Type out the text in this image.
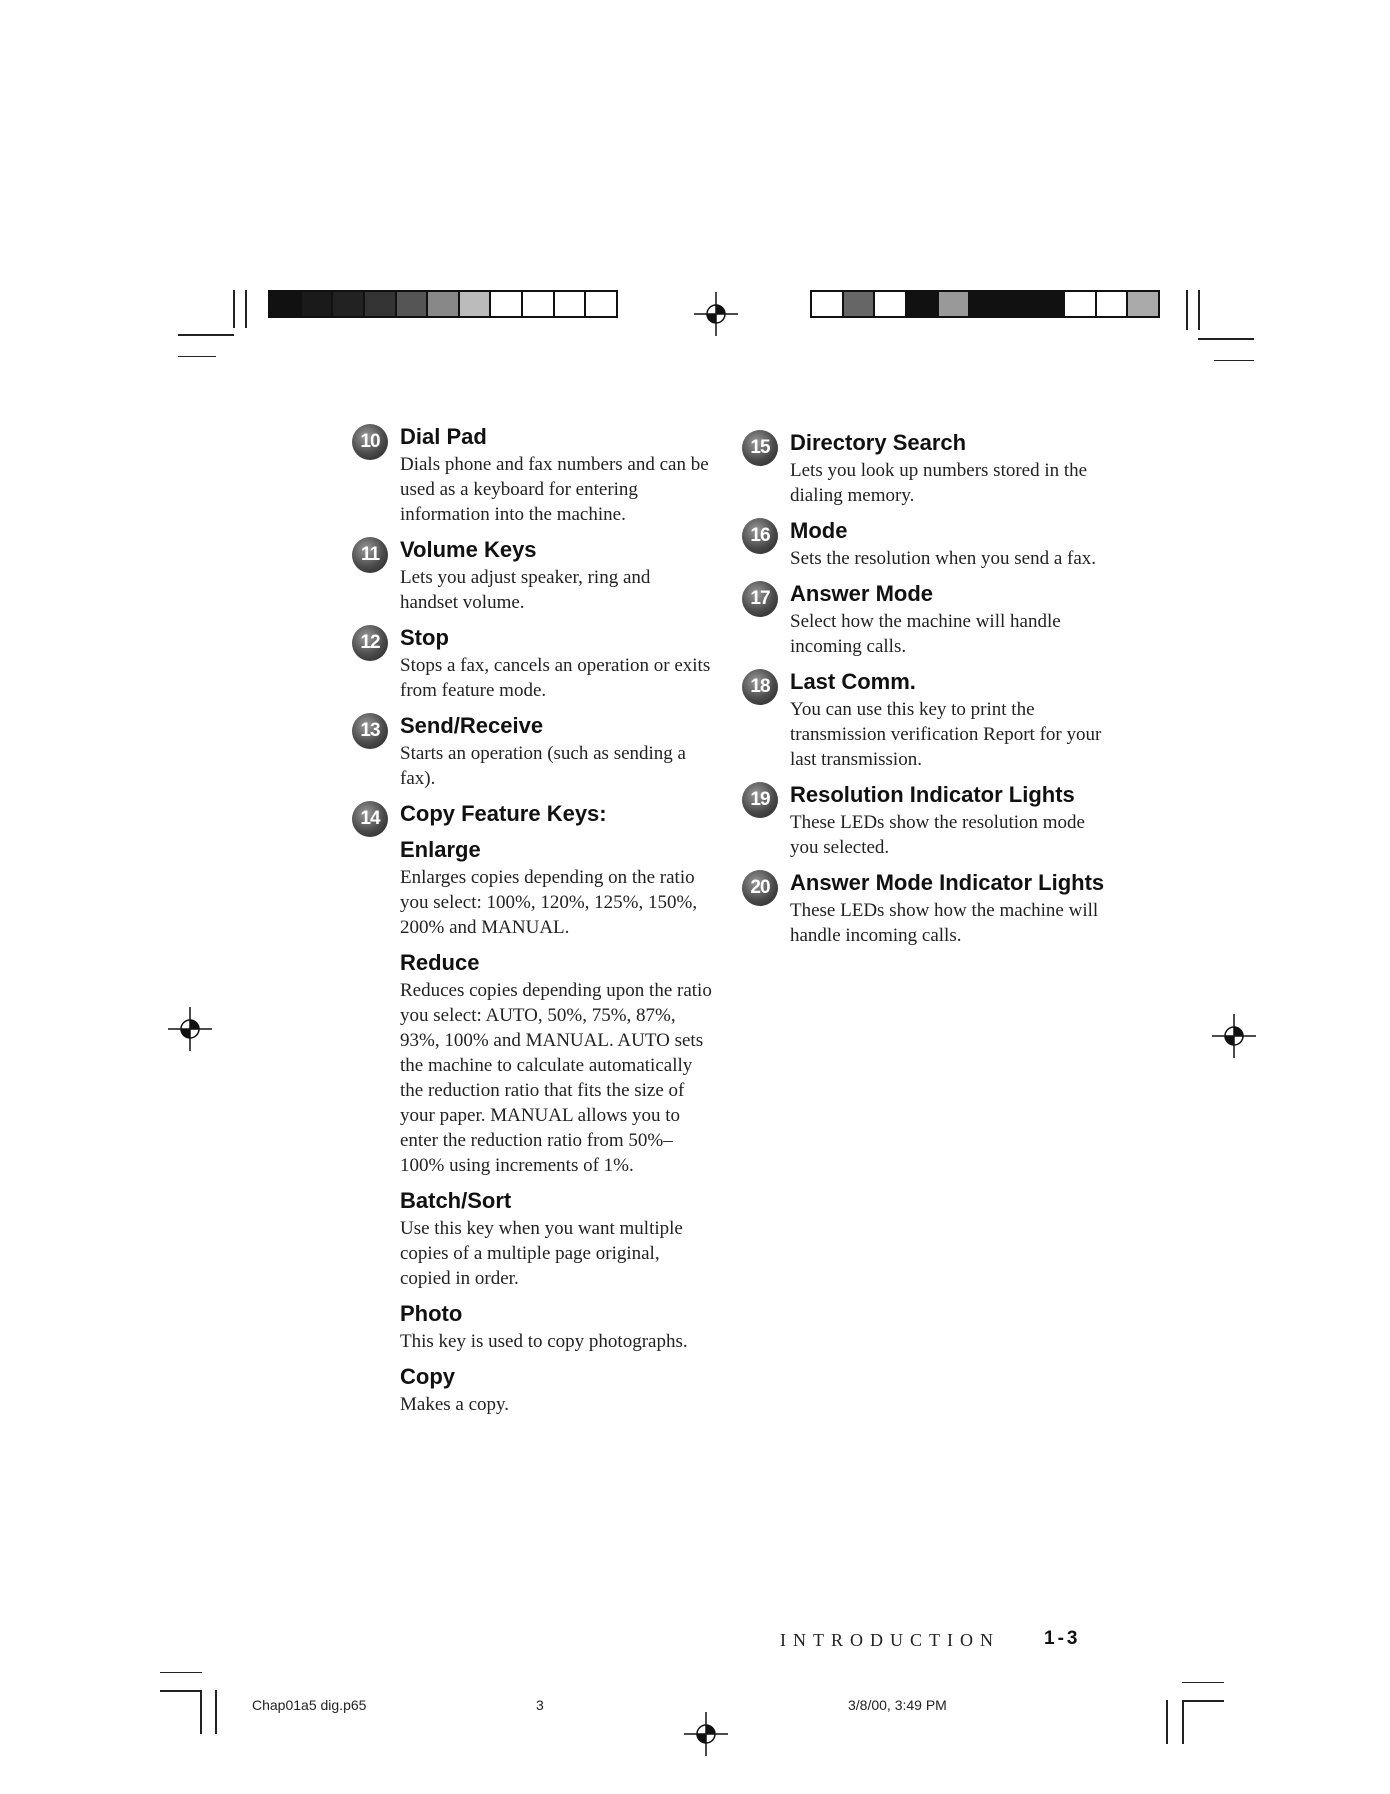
10 Dial Pad
Dials phone and fax numbers and can be used as a keyboard for entering information into the machine.
11 Volume Keys
Lets you adjust speaker, ring and handset volume.
12 Stop
Stops a fax, cancels an operation or exits from feature mode.
13 Send/Receive
Starts an operation (such as sending a fax).
14 Copy Feature Keys:
Enlarge
Enlarges copies depending on the ratio you select: 100%, 120%, 125%, 150%, 200% and MANUAL.
Reduce
Reduces copies depending upon the ratio you select: AUTO, 50%, 75%, 87%, 93%, 100% and MANUAL. AUTO sets the machine to calculate automatically the reduction ratio that fits the size of your paper. MANUAL allows you to enter the reduction ratio from 50%–100% using increments of 1%.
Batch/Sort
Use this key when you want multiple copies of a multiple page original, copied in order.
Photo
This key is used to copy photographs.
Copy
Makes a copy.
15 Directory Search
Lets you look up numbers stored in the dialing memory.
16 Mode
Sets the resolution when you send a fax.
17 Answer Mode
Select how the machine will handle incoming calls.
18 Last Comm.
You can use this key to print the transmission verification Report for your last transmission.
19 Resolution Indicator Lights
These LEDs show the resolution mode you selected.
20 Answer Mode Indicator Lights
These LEDs show how the machine will handle incoming calls.
INTRODUCTION 1-3
Chap01a5 dig.p65	3	3/8/00, 3:49 PM
